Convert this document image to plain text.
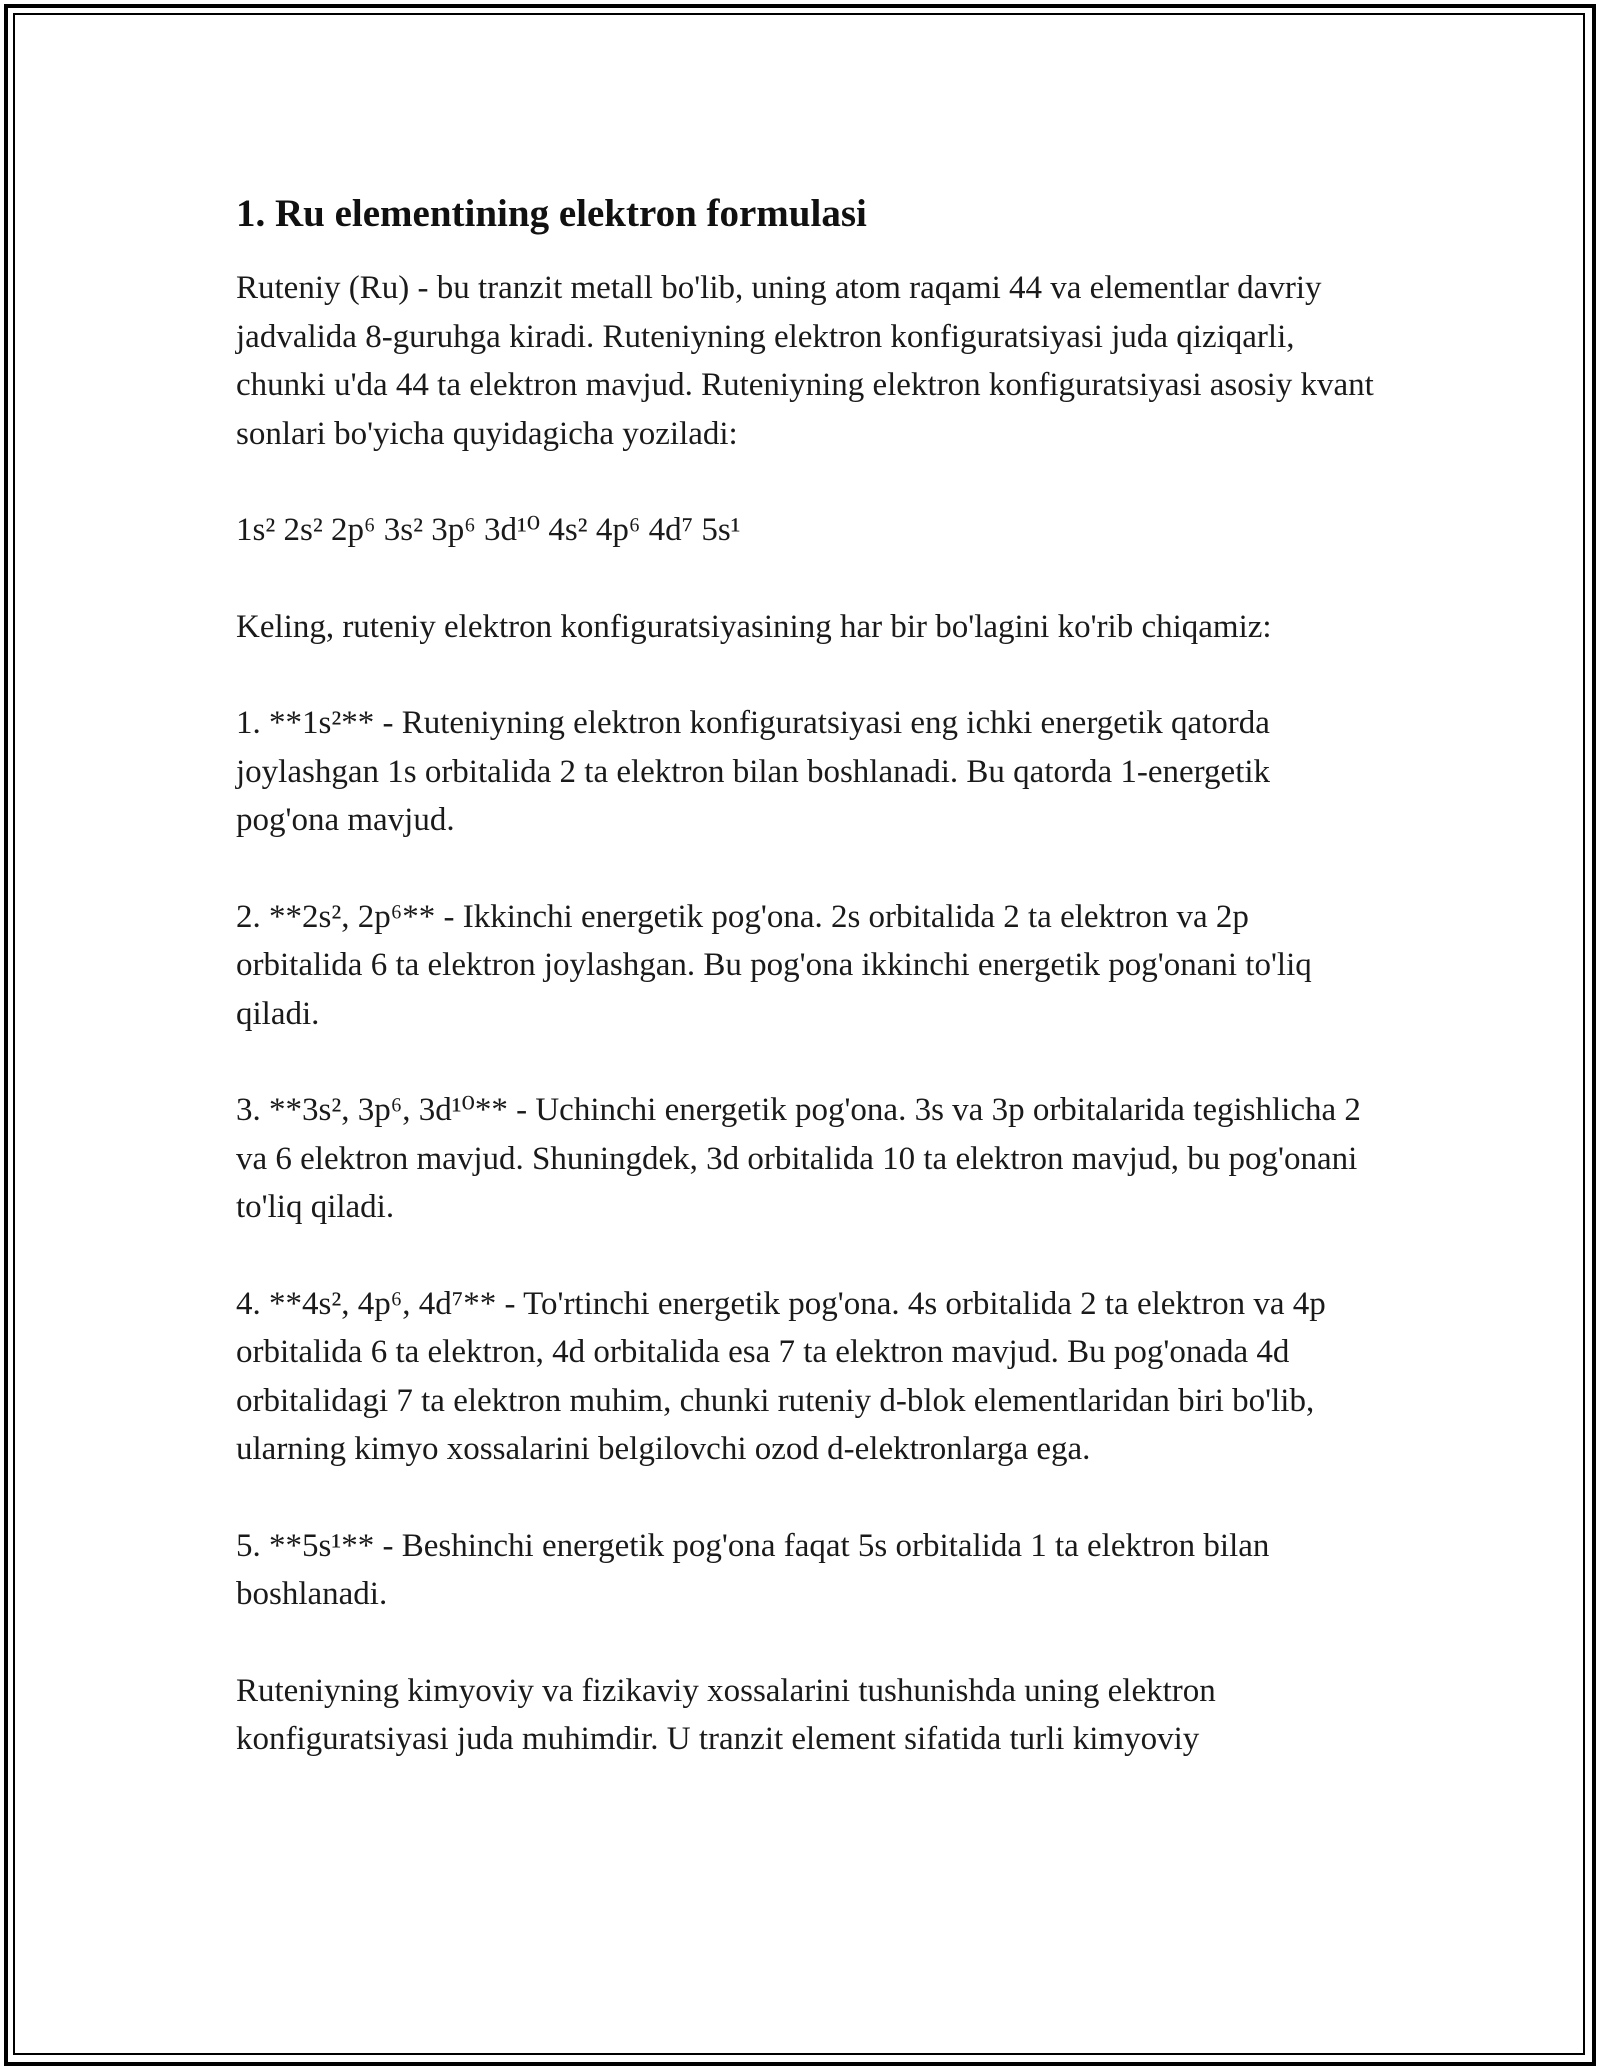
1. Ru elementining elektron formulasi

Ruteniy (Ru) - bu tranzit metall bo'lib, uning atom raqami 44 va elementlar davriy jadvalida 8-guruhga kiradi. Ruteniyning elektron konfiguratsiyasi juda qiziqarli, chunki u'da 44 ta elektron mavjud. Ruteniyning elektron konfiguratsiyasi asosiy kvant sonlari bo'yicha quyidagicha yoziladi:

1s² 2s² 2p⁶ 3s² 3p⁶ 3d¹⁰ 4s² 4p⁶ 4d⁷ 5s¹

Keling, ruteniy elektron konfiguratsiyasining har bir bo'lagini ko'rib chiqamiz:

1. **1s²** - Ruteniyning elektron konfiguratsiyasi eng ichki energetik qatorda joylashgan 1s orbitalida 2 ta elektron bilan boshlanadi. Bu qatorda 1-energetik pog'ona mavjud.

2. **2s², 2p⁶** - Ikkinchi energetik pog'ona. 2s orbitalida 2 ta elektron va 2p orbitalida 6 ta elektron joylashgan. Bu pog'ona ikkinchi energetik pog'onani to'liq qiladi.

3. **3s², 3p⁶, 3d¹⁰** - Uchinchi energetik pog'ona. 3s va 3p orbitalarida tegishlicha 2 va 6 elektron mavjud. Shuningdek, 3d orbitalida 10 ta elektron mavjud, bu pog'onani to'liq qiladi.

4. **4s², 4p⁶, 4d⁷** - To'rtinchi energetik pog'ona. 4s orbitalida 2 ta elektron va 4p orbitalida 6 ta elektron, 4d orbitalida esa 7 ta elektron mavjud. Bu pog'onada 4d orbitalidagi 7 ta elektron muhim, chunki ruteniy d-blok elementlaridan biri bo'lib, ularning kimyo xossalarini belgilovchi ozod d-elektronlarga ega.

5. **5s¹** - Beshinchi energetik pog'ona faqat 5s orbitalida 1 ta elektron bilan boshlanadi.

Ruteniyning kimyoviy va fizikaviy xossalarini tushunishda uning elektron konfiguratsiyasi juda muhimdir. U tranzit element sifatida turli kimyoviy
